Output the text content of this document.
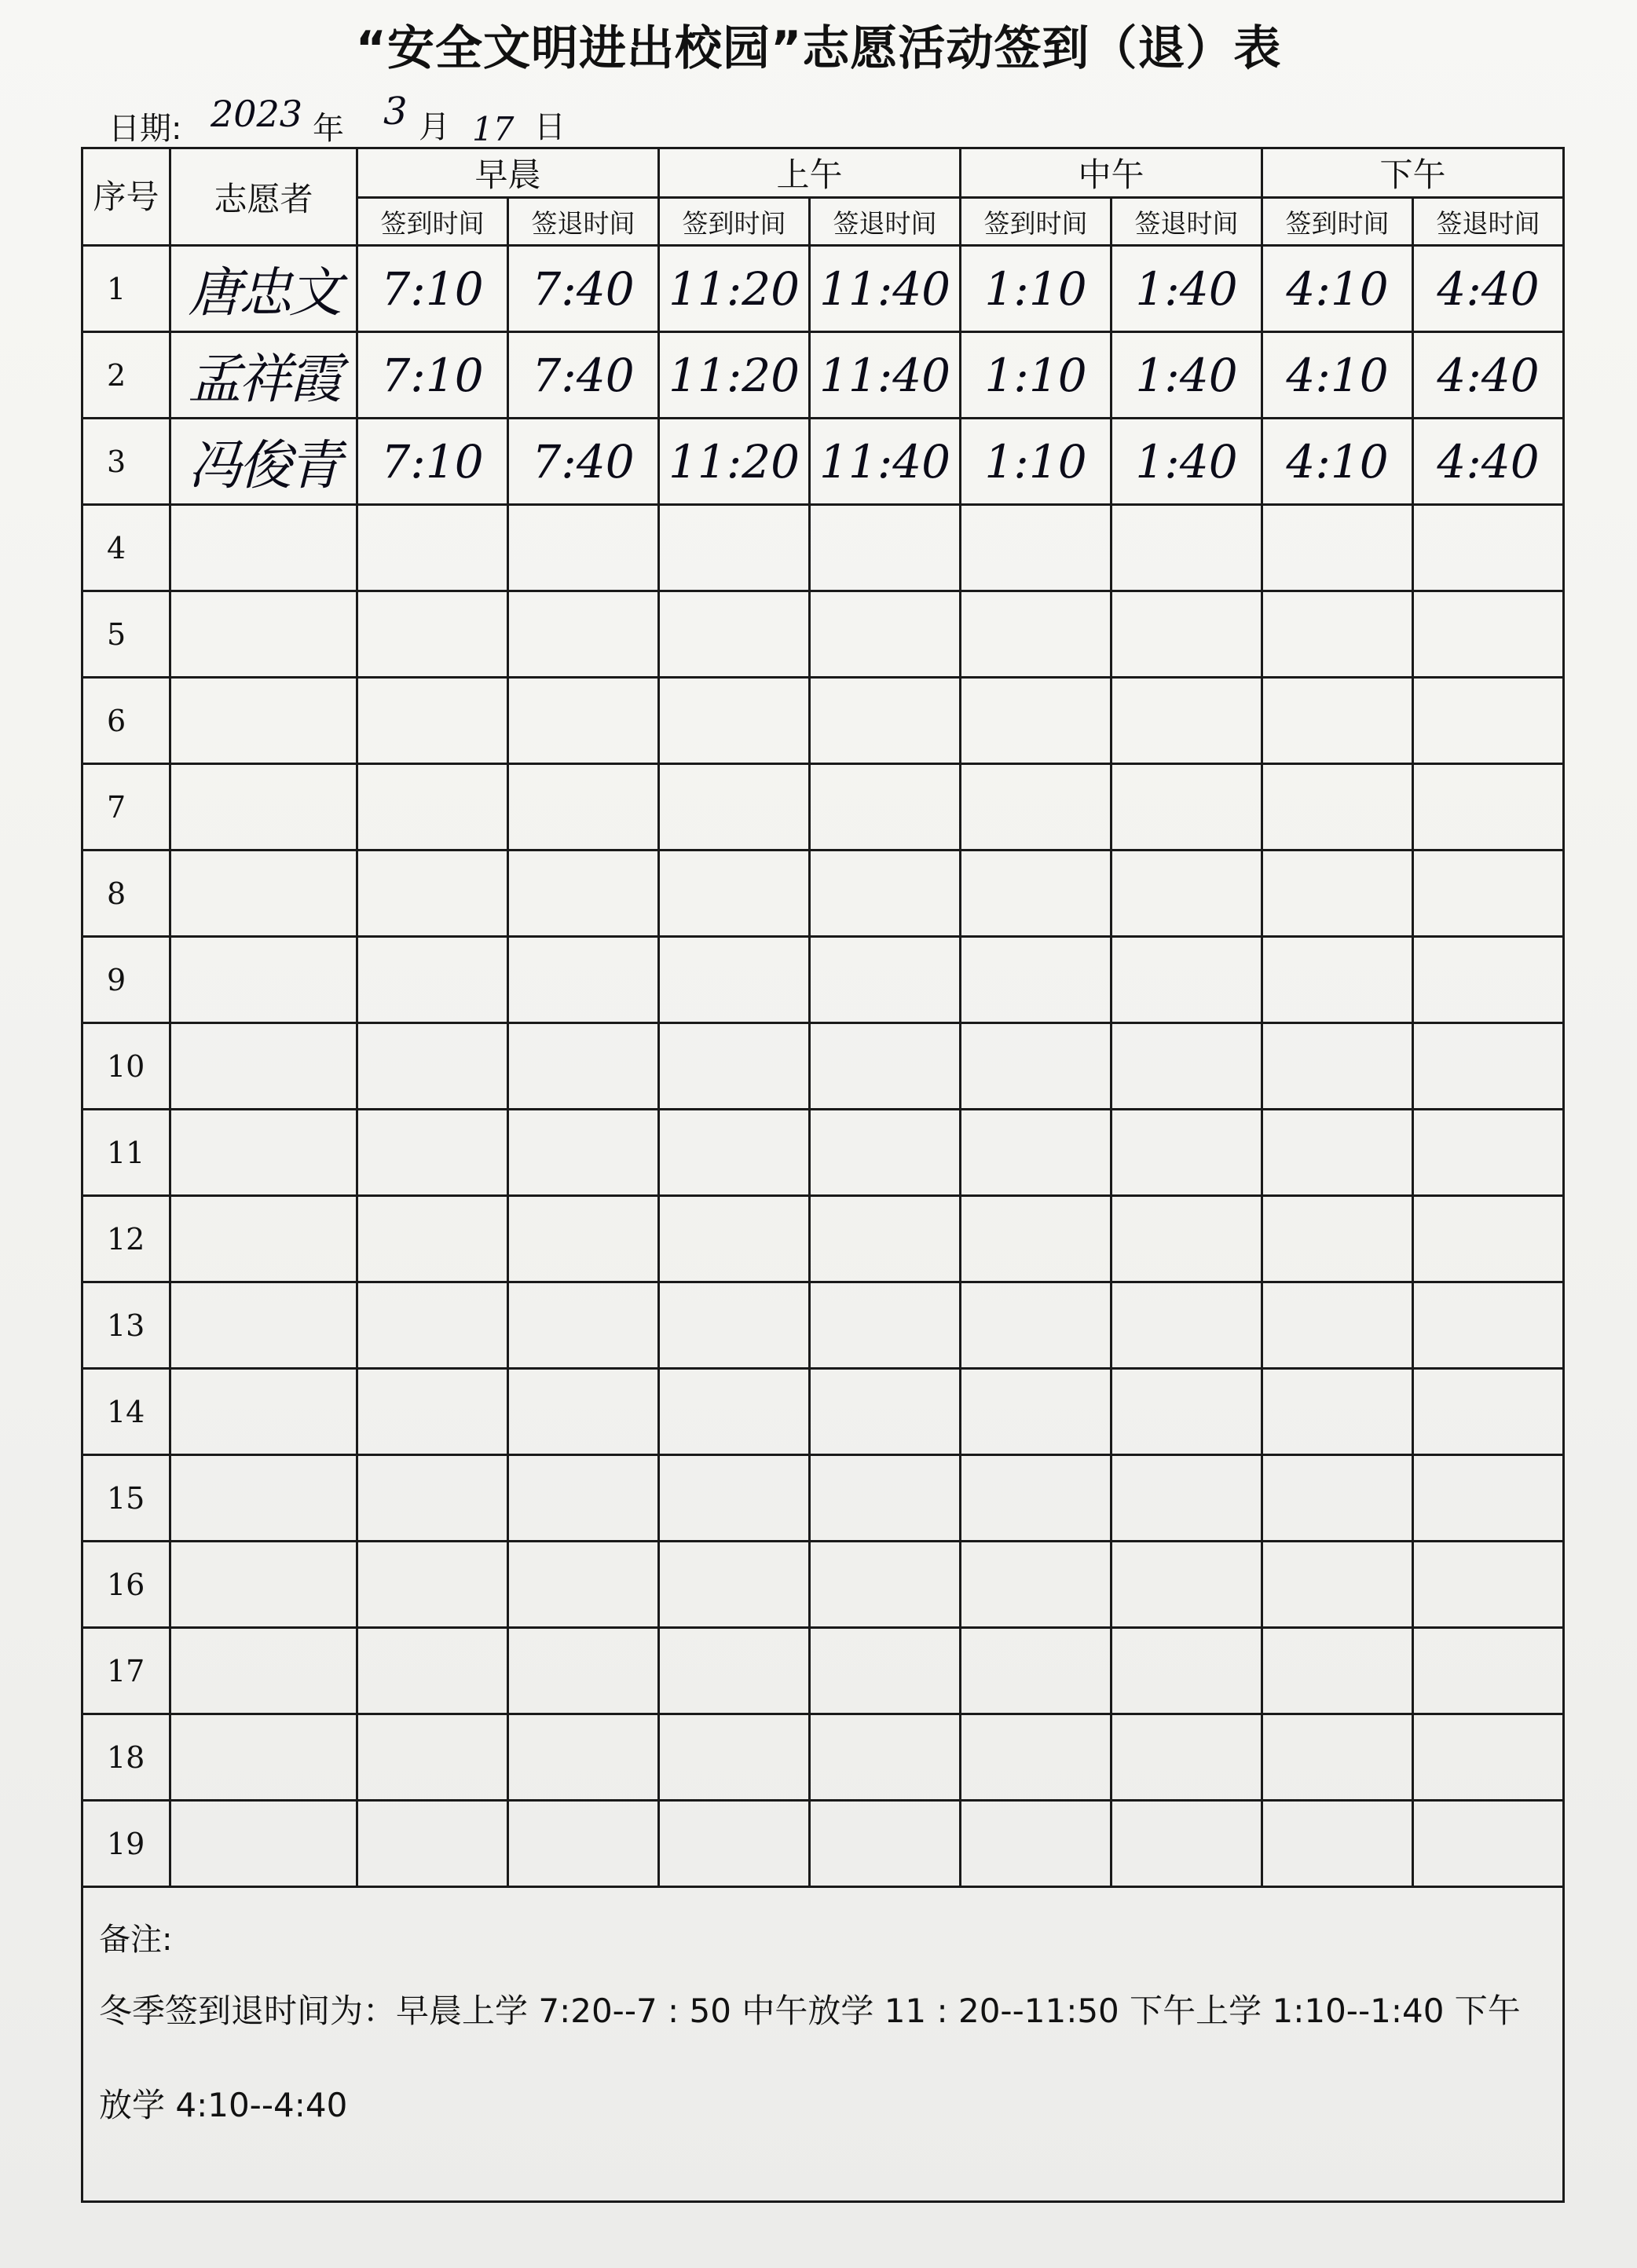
“安全文明进出校园”志愿活动签到（退）表
日期: 2023 年 3 月 17 日
序号	志愿者	早晨		上午		中午		下午	
		签到时间	签退时间	签到时间	签退时间	签到时间	签退时间	签到时间	签退时间
1	唐忠文	7:10	7:40	11:20	11:40	1:10	1:40	4:10	4:40
2	孟祥霞	7:10	7:40	11:20	11:40	1:10	1:40	4:10	4:40
3	冯俊青	7:10	7:40	11:20	11:40	1:10	1:40	4:10	4:40
4									
5									
6									
7									
8									
9									
10									
11									
12									
13									
14									
15									
16									
17									
18									
19									

备注:
冬季签到退时间为：早晨上学 7:20--7 : 50 中午放学 11 : 20--11:50 下午上学 1:10--1:40 下午放学 4:10--4:40									
